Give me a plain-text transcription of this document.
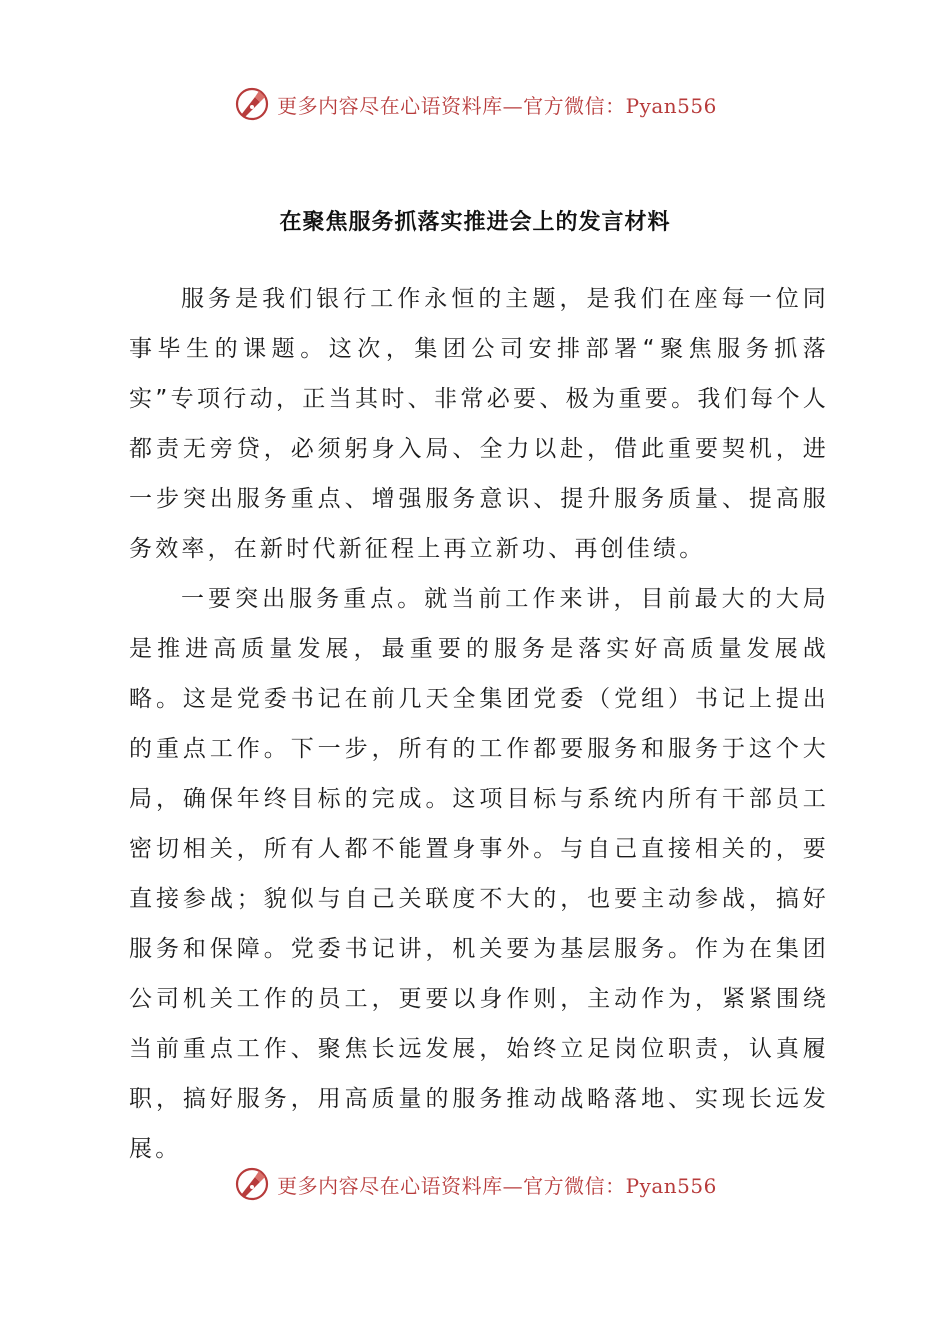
更多内容尽在心语资料库—官方微信：Pyan556
在聚焦服务抓落实推进会上的发言材料

服务是我们银行工作永恒的主题，是我们在座每一位同事毕生的课题。这次，集团公司安排部署“聚焦服务抓落实”专项行动，正当其时、非常必要、极为重要。我们每个人都责无旁贷，必须躬身入局、全力以赴，借此重要契机，进一步突出服务重点、增强服务意识、提升服务质量、提高服务效率，在新时代新征程上再立新功、再创佳绩。

一要突出服务重点。就当前工作来讲，目前最大的大局是推进高质量发展，最重要的服务是落实好高质量发展战略。这是党委书记在前几天全集团党委（党组）书记上提出的重点工作。下一步，所有的工作都要服务和服务于这个大局，确保年终目标的完成。这项目标与系统内所有干部员工密切相关，所有人都不能置身事外。与自己直接相关的，要直接参战；貌似与自己关联度不大的，也要主动参战，搞好服务和保障。党委书记讲，机关要为基层服务。作为在集团公司机关工作的员工，更要以身作则，主动作为，紧紧围绕当前重点工作、聚焦长远发展，始终立足岗位职责，认真履职，搞好服务，用高质量的服务推动战略落地、实现长远发展。

更多内容尽在心语资料库—官方微信：Pyan556
